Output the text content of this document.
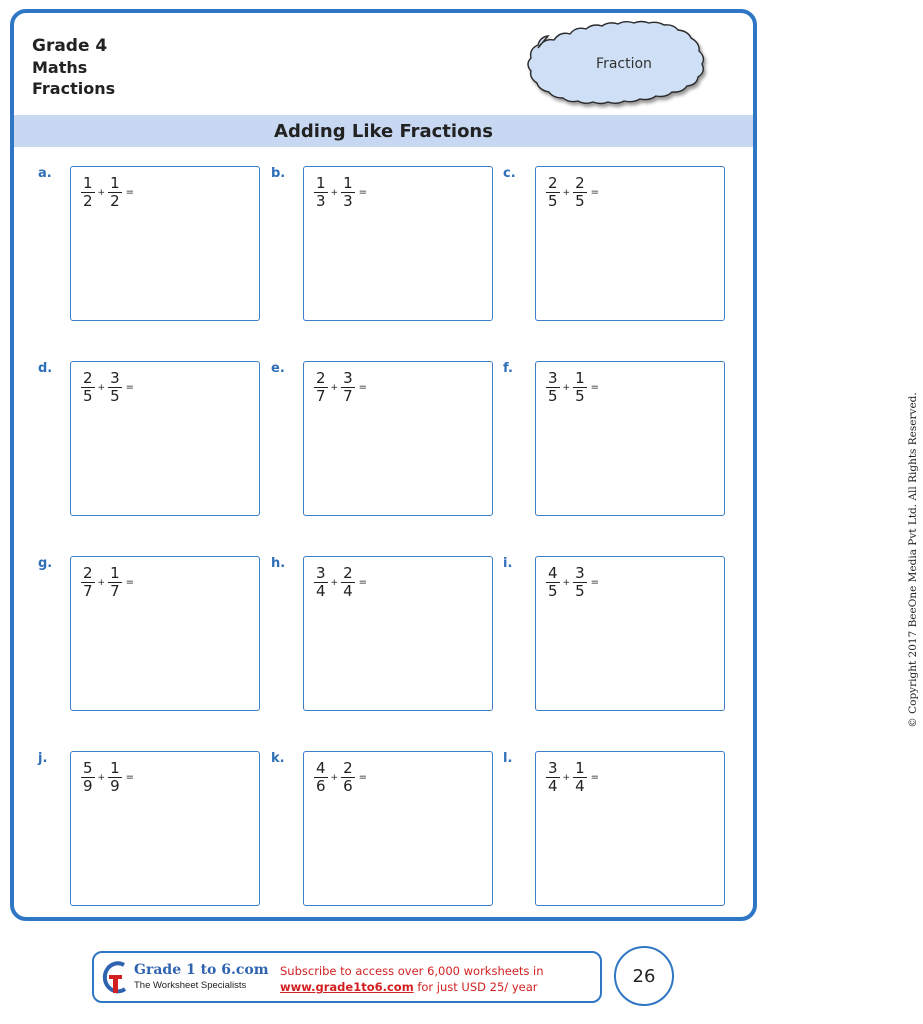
Grade 4
Maths
Fractions
Fraction
Adding Like Fractions
a.
$\frac{1}{2} + \frac{1}{2}$ =
b.
$\frac{1}{3} + \frac{1}{3}$ =
c.
$\frac{2}{5} + \frac{2}{5}$ =
d.
$\frac{2}{5} + \frac{3}{5}$ =
e.
$\frac{2}{7} + \frac{3}{7}$ =
f.
$\frac{3}{5} + \frac{1}{5}$ =
g.
$\frac{2}{7} + \frac{1}{7}$ =
h.
$\frac{3}{4} + \frac{2}{4}$ =
i.
$\frac{4}{5} + \frac{3}{5}$ =
j.
$\frac{5}{9} + \frac{1}{9}$ =
k.
$\frac{4}{6} + \frac{2}{6}$ =
l.
$\frac{3}{4} + \frac{1}{4}$ =
© Copyright 2017 BeeOne Media Pvt Ltd. All Rights Reserved.
Grade 1 to 6.com
The Worksheet Specialists
Subscribe to access over 6,000 worksheets in
www.grade1to6.com for just USD 25/ year
26
